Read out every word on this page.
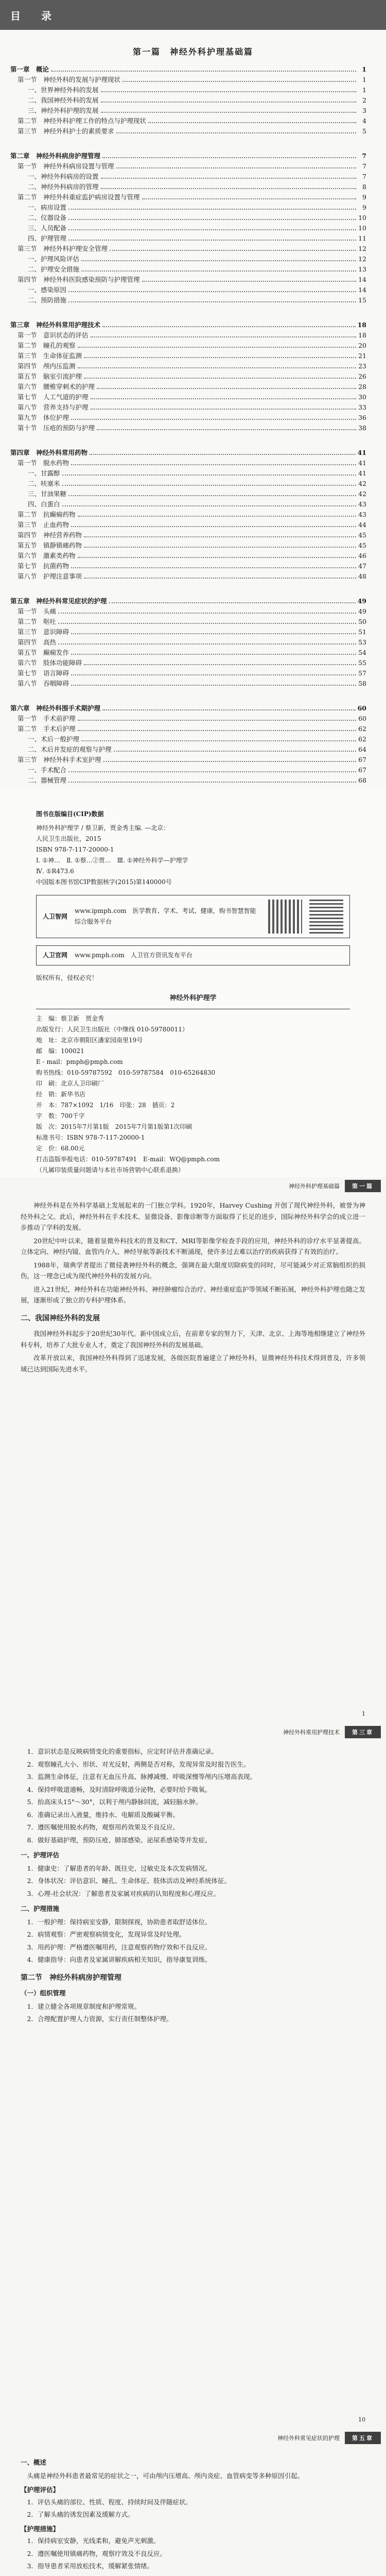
目　录
第一篇　神经外科护理基础篇
第一章　概论	1
第一节　神经外科的发展与护理现状	1
一、世界神经外科的发展	1
二、我国神经外科的发展	2
三、神经外科护理的发展	3
第二节　神经外科护理工作的特点与护理现状	4
第三节　神经外科护士的素质要求	5
第二章　神经外科病房护理管理	7
第一节　神经外科病房设置与管理	7
一、神经外科病房的设置	7
二、神经外科病房的管理	8
第二节　神经外科重症监护病房设置与管理	9
一、病房设置	9
二、仪器设备	10
三、人员配备	10
四、护理管理	11
第三节　神经外科护理安全管理	12
一、护理风险评估	12
二、护理安全措施	13
第四节　神经外科医院感染预防与护理管理	14
一、感染原因	14
二、预防措施	15
第三章　神经外科常用护理技术	18
第一节　意识状态的评估	18
第二节　瞳孔的观察	20
第三节　生命体征监测	21
第四节　颅内压监测	23
第五节　脑室引流护理	26
第六节　腰椎穿刺术的护理	28
第七节　人工气道的护理	30
第八节　营养支持与护理	33
第九节　体位护理	36
第十节　压疮的预防与护理	38
第四章　神经外科常用药物	41
第一节　脱水药物	41
一、甘露醇	41
二、呋塞米	42
三、甘油果糖	42
四、白蛋白	43
第二节　抗癫痫药物	43
第三节　止血药物	44
第四节　神经营养药物	45
第五节　镇静镇痛药物	45
第六节　激素类药物	46
第七节　抗菌药物	47
第八节　护理注意事项	48
第五章　神经外科常见症状的护理	49
第一节　头痛	49
第二节　呕吐	50
第三节　意识障碍	51
第四节　高热	53
第五节　癫痫发作	54
第六节　肢体功能障碍	55
第七节　语言障碍	57
第八节　吞咽障碍	58
第六章　神经外科围手术期护理	60
第一节　手术前护理	60
第二节　手术后护理	62
一、术后一般护理	62
二、术后并发症的观察与护理	64
第三节　神经外科手术室护理	67
一、手术配合	67
二、器械管理	68
图书在版编目(CIP)数据
神经外科护理学 / 蔡卫新，贾金秀主编. —北京：
人民卫生出版社，2015
ISBN 978-7-117-20000-1
Ⅰ. ①神…　Ⅱ. ①蔡…②贾…　Ⅲ. ①神经外科学—护理学
Ⅳ. ①R473.6
中国版本图书馆CIP数据核字(2015)第140000号
人卫智网
www.ipmph.com　医学教育、学术、考试、健康，购书智慧智能综合服务平台
人卫官网 www.pmph.com　人卫官方资讯发布平台
版权所有，侵权必究！
神经外科护理学
主　编：蔡卫新　贾金秀
出版发行：人民卫生出版社（中继线 010-59780011）
地　址：北京市朝阳区潘家园南里19号
邮　编：100021
E - mail：pmph@pmph.com
购书热线：010-59787592　010-59787584　010-65264830
印　刷：北京人卫印刷厂
经　销：新华书店
开　本：787×1092　1/16　印张：28　插页：2
字　数：700千字
版　次：2015年7月第1版　2015年7月第1版第1次印刷
标准书号：ISBN 978-7-117-20000-1
定　价：68.00元
打击盗版举报电话：010-59787491　E-mail：WQ@pmph.com
（凡属印装质量问题请与本社市场营销中心联系退换）
神经外科护理基础篇	第一篇

神经外科是在外科学基础上发展起来的一门独立学科。1920年，Harvey Cushing 开创了现代神经外科，被誉为神经外科之父。此后，神经外科在手术技术、显微设备、影像诊断等方面取得了长足的进步，国际神经外科学会的成立进一步推动了学科的发展。

20世纪中叶以来，随着显微外科技术的普及和CT、MRI等影像学检查手段的应用，神经外科的诊疗水平显著提高。立体定向、神经内镜、血管内介入、神经导航等新技术不断涌现，使许多过去难以治疗的疾病获得了有效的治疗。

1988年，瑞典学者提出了微侵袭神经外科的概念，强调在最大限度切除病变的同时，尽可能减少对正常脑组织的损伤，这一理念已成为现代神经外科的发展方向。

进入21世纪，神经外科在功能神经外科、神经肿瘤综合治疗、神经重症监护等领域不断拓展，神经外科护理也随之发展，逐渐形成了独立的专科护理体系。

二、我国神经外科的发展

我国神经外科起步于20世纪30年代。新中国成立后，在前辈专家的努力下，天津、北京、上海等地相继建立了神经外科专科，培养了大批专业人才，奠定了我国神经外科的发展基础。

改革开放以来，我国神经外科得到了迅速发展，各级医院普遍建立了神经外科，显微神经外科技术得到普及，许多领域已达到国际先进水平。

1
神经外科常用护理技术	第三章
1．意识状态是反映病情变化的重要指标，应定时评估并准确记录。
2．观察瞳孔大小、形状、对光反射，两侧是否对称，发现异常及时报告医生。
3．监测生命体征，注意有无血压升高、脉搏减慢、呼吸深慢等颅内压增高表现。
4．保持呼吸道通畅，及时清除呼吸道分泌物，必要时给予吸氧。
5．抬高床头15°～30°，以利于颅内静脉回流，减轻脑水肿。
6．准确记录出入液量，维持水、电解质及酸碱平衡。
7．遵医嘱使用脱水药物，观察用药效果及不良反应。
8．做好基础护理，预防压疮、肺部感染、泌尿系感染等并发症。
一、护理评估
1．健康史：了解患者的年龄、既往史、过敏史及本次发病情况。
2．身体状况：评估意识、瞳孔、生命体征、肢体活动及神经系统体征。
3．心理-社会状况：了解患者及家属对疾病的认知程度和心理反应。
二、护理措施
1．一般护理：保持病室安静，限制探视，协助患者取舒适体位。
2．病情观察：严密观察病情变化，发现异常及时处理。
3．用药护理：严格遵医嘱用药，注意观察药物疗效和不良反应。
4．健康指导：向患者及家属讲解疾病相关知识，指导康复训练。
第二节　神经外科病房护理管理
（一）组织管理
1．建立健全各项规章制度和护理常规。
2．合理配置护理人力资源，实行责任制整体护理。
10
神经外科常见症状的护理	第五章
一、概述
头痛是神经外科患者最常见的症状之一，可由颅内压增高、颅内炎症、血管病变等多种原因引起。
【护理评估】
1．评估头痛的部位、性质、程度、持续时间及伴随症状。
2．了解头痛的诱发因素及缓解方式。
【护理措施】
1．保持病室安静，光线柔和，避免声光刺激。
2．遵医嘱使用镇痛药物，观察疗效及不良反应。
3．指导患者采用放松技术，缓解紧张情绪。
